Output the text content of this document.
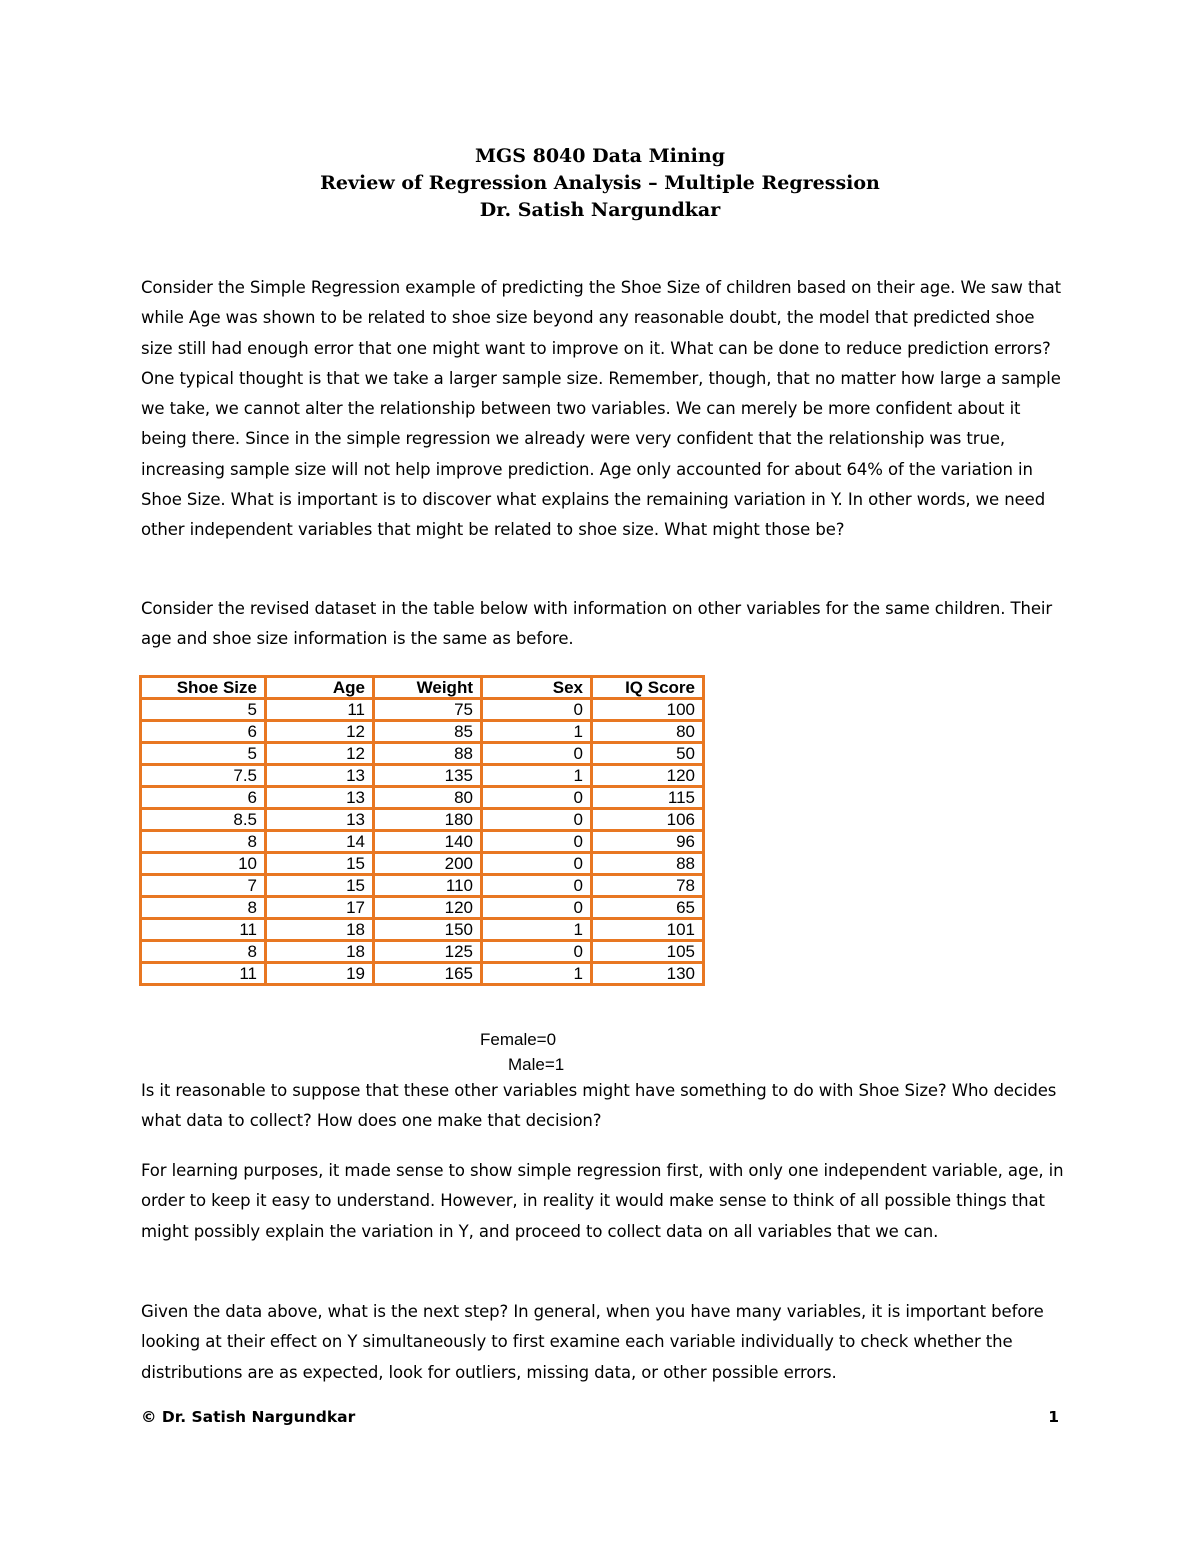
MGS 8040 Data Mining
Review of Regression Analysis – Multiple Regression
Dr. Satish Nargundkar

Consider the Simple Regression example of predicting the Shoe Size of children based on their age. We saw that while Age was shown to be related to shoe size beyond any reasonable doubt, the model that predicted shoe size still had enough error that one might want to improve on it. What can be done to reduce prediction errors? One typical thought is that we take a larger sample size. Remember, though, that no matter how large a sample we take, we cannot alter the relationship between two variables. We can merely be more confident about it being there. Since in the simple regression we already were very confident that the relationship was true, increasing sample size will not help improve prediction. Age only accounted for about 64% of the variation in Shoe Size. What is important is to discover what explains the remaining variation in Y. In other words, we need other independent variables that might be related to shoe size. What might those be?

Consider the revised dataset in the table below with information on other variables for the same children. Their age and shoe size information is the same as before.

Shoe Size	Age	Weight	Sex	IQ Score
5	11	75	0	100
6	12	85	1	80
5	12	88	0	50
7.5	13	135	1	120
6	13	80	0	115
8.5	13	180	0	106
8	14	140	0	96
10	15	200	0	88
7	15	110	0	78
8	17	120	0	65
11	18	150	1	101
8	18	125	0	105
11	19	165	1	130
Female=0
Male=1

Is it reasonable to suppose that these other variables might have something to do with Shoe Size? Who decides what data to collect? How does one make that decision?

For learning purposes, it made sense to show simple regression first, with only one independent variable, age, in order to keep it easy to understand. However, in reality it would make sense to think of all possible things that might possibly explain the variation in Y, and proceed to collect data on all variables that we can.

Given the data above, what is the next step? In general, when you have many variables, it is important before looking at their effect on Y simultaneously to first examine each variable individually to check whether the distributions are as expected, look for outliers, missing data, or other possible errors.

© Dr. Satish Nargundkar	1
